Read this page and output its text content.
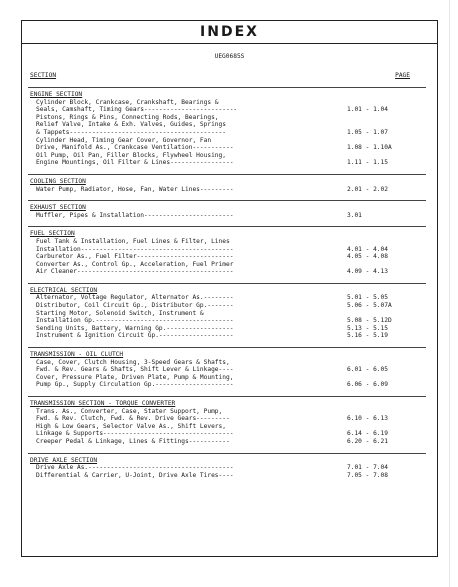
INDEX
UEG0685S
SECTION	PAGE
ENGINE SECTION
Cylinder Block, Crankcase, Crankshaft, Bearings &
Seals, Camshaft, Timing Gears-------------------------	1.01 - 1.04
Pistons, Rings & Pins, Connecting Rods, Bearings,
Relief Valve, Intake & Exh. Valves, Guides, Springs
& Tappets------------------------------------------	1.05 - 1.07
Cylinder Head, Timing Gear Cover, Governor, Fan
Drive, Manifold As., Crankcase Ventilation-----------	1.08 - 1.10A
Oil Pump, Oil Pan, Filler Blocks, Flywheel Housing,
Engine Mountings, Oil Filter & Lines-----------------	1.11 - 1.15
COOLING SECTION
Water Pump, Radiator, Hose, Fan, Water Lines---------	2.01 - 2.02
EXHAUST SECTION
Muffler, Pipes & Installation------------------------	3.01
FUEL SECTION
Fuel Tank & Installation, Fuel Lines & Filter, Lines
Installation-----------------------------------------	4.01 - 4.04
Carburetor As., Fuel Filter--------------------------	4.05 - 4.08
Converter As., Control Gp., Acceleration, Fuel Primer
Air Cleaner------------------------------------------	4.09 - 4.13
ELECTRICAL SECTION
Alternator, Voltage Regulator, Alternator As.--------	5.01 - 5.05
Distributor, Coil Circuit Gp., Distributor Gp.-------	5.06 - 5.07A
Starting Motor, Solenoid Switch, Instrument &
Installation Gp.-------------------------------------	5.08 - 5.12D
Sending Units, Battery, Warning Gp.------------------	5.13 - 5.15
Instrument & Ignition Circuit Gp.--------------------	5.16 - 5.19
TRANSMISSION - OIL CLUTCH
Case, Cover, Clutch Housing, 3-Speed Gears & Shafts,
Fwd. & Rev. Gears & Shafts, Shift Lever & Linkage----	6.01 - 6.05
Cover, Pressure Plate, Driven Plate, Pump & Mounting,
Pump Gp., Supply Circulation Gp.---------------------	6.06 - 6.09
TRANSMISSION SECTION - TORQUE CONVERTER
Trans. As., Converter, Case, Stater Support, Pump,
Fwd. & Rev. Clutch, Fwd. & Rev. Drive Gears---------	6.10 - 6.13
High & Low Gears, Selector Valve As., Shift Levers,
Linkage & Supports-----------------------------------	6.14 - 6.19
Creeper Pedal & Linkage, Lines & Fittings-----------	6.20 - 6.21
DRIVE AXLE SECTION
Drive Axle As.---------------------------------------	7.01 - 7.04
Differential & Carrier, U-Joint, Drive Axle Tires----	7.05 - 7.08
